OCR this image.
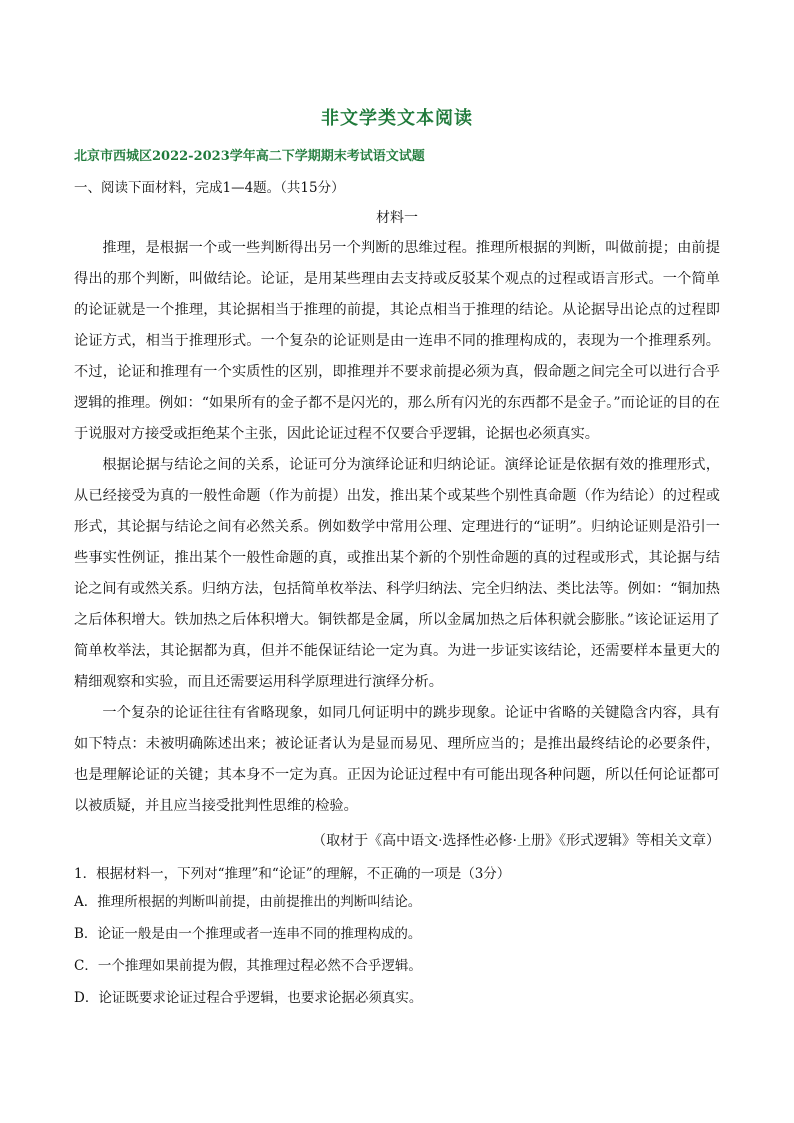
非文学类文本阅读
北京市西城区2022-2023学年高二下学期期末考试语文试题
一、阅读下面材料，完成1—4题。（共15分）
材料一

推理，是根据一个或一些判断得出另一个判断的思维过程。推理所根据的判断，叫做前提；由前提得出的那个判断，叫做结论。论证，是用某些理由去支持或反驳某个观点的过程或语言形式。一个简单的论证就是一个推理，其论据相当于推理的前提，其论点相当于推理的结论。从论据导出论点的过程即论证方式，相当于推理形式。一个复杂的论证则是由一连串不同的推理构成的，表现为一个推理系列。不过，论证和推理有一个实质性的区别，即推理并不要求前提必须为真，假命题之间完全可以进行合乎逻辑的推理。例如：“如果所有的金子都不是闪光的，那么所有闪光的东西都不是金子。”而论证的目的在于说服对方接受或拒绝某个主张，因此论证过程不仅要合乎逻辑，论据也必须真实。

根据论据与结论之间的关系，论证可分为演绎论证和归纳论证。演绎论证是依据有效的推理形式，从已经接受为真的一般性命题（作为前提）出发，推出某个或某些个别性真命题（作为结论）的过程或形式，其论据与结论之间有必然关系。例如数学中常用公理、定理进行的“证明”。归纳论证则是沿引一些事实性例证，推出某个一般性命题的真，或推出某个新的个别性命题的真的过程或形式，其论据与结论之间有或然关系。归纳方法，包括简单枚举法、科学归纳法、完全归纳法、类比法等。例如：“铜加热之后体积增大。铁加热之后体积增大。铜铁都是金属，所以金属加热之后体积就会膨胀。”该论证运用了简单枚举法，其论据都为真，但并不能保证结论一定为真。为进一步证实该结论，还需要样本量更大的精细观察和实验，而且还需要运用科学原理进行演绎分析。

一个复杂的论证往往有省略现象，如同几何证明中的跳步现象。论证中省略的关键隐含内容，具有如下特点：未被明确陈述出来；被论证者认为是显而易见、理所应当的；是推出最终结论的必要条件，也是理解论证的关键；其本身不一定为真。正因为论证过程中有可能出现各种问题，所以任何论证都可以被质疑，并且应当接受批判性思维的检验。

（取材于《高中语文·选择性必修·上册》《形式逻辑》等相关文章）
1．根据材料一，下列对“推理”和“论证”的理解，不正确的一项是（3分）
A．推理所根据的判断叫前提，由前提推出的判断叫结论。
B．论证一般是由一个推理或者一连串不同的推理构成的。
C．一个推理如果前提为假，其推理过程必然不合乎逻辑。
D．论证既要求论证过程合乎逻辑，也要求论据必须真实。
